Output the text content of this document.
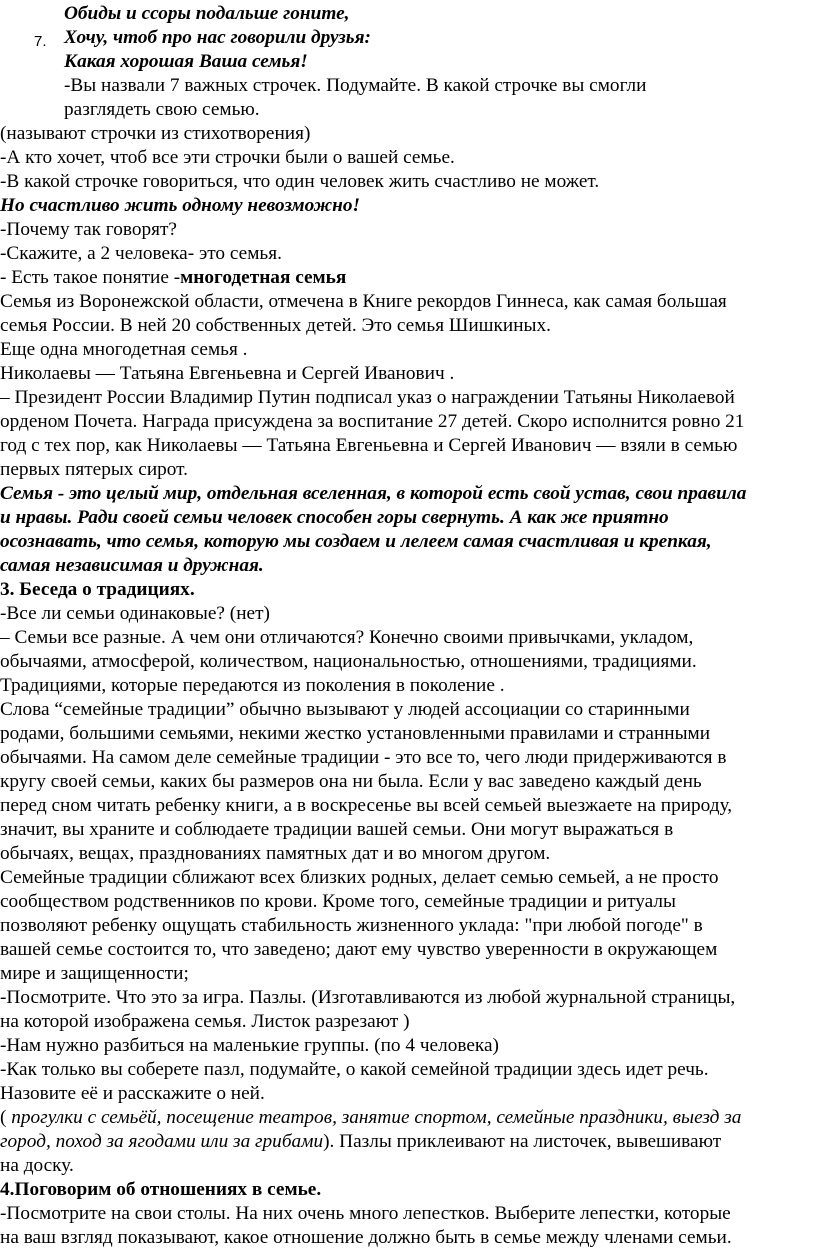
Обиды и ссоры подальше гоните,
7. Хочу, чтоб про нас говорили друзья:
Какая хорошая Ваша семья!
-Вы назвали 7 важных строчек. Подумайте. В какой строчке вы смогли
разглядеть свою семью.
(называют строчки из стихотворения)
-А кто хочет, чтоб все эти строчки были о вашей семье.
-В какой строчке говориться, что один человек жить счастливо не может.
Но счастливо жить одному невозможно!
-Почему так говорят?
-Скажите, а 2 человека- это семья.
- Есть такое понятие -многодетная семья
Семья из Воронежской области, отмечена в Книге рекордов Гиннеса, как самая большая
семья России. В ней 20 собственных детей. Это семья Шишкиных.
Еще одна многодетная семья .
Николаевы — Татьяна Евгеньевна и Сергей Иванович .
– Президент России Владимир Путин подписал указ о награждении Татьяны Николаевой
орденом Почета. Награда присуждена за воспитание 27 детей. Скоро исполнится ровно 21
год с тех пор, как Николаевы — Татьяна Евгеньевна и Сергей Иванович — взяли в семью
первых пятерых сирот.
Семья - это целый мир, отдельная вселенная, в которой есть свой устав, свои правила
и нравы. Ради своей семьи человек способен горы свернуть. А как же приятно
осознавать, что семья, которую мы создаем и лелеем самая счастливая и крепкая,
самая независимая и дружная.
3. Беседа о традициях.
-Все ли семьи одинаковые? (нет)
– Семьи все разные. А чем они отличаются? Конечно своими привычками, укладом,
обычаями, атмосферой, количеством, национальностью, отношениями, традициями.
Традициями, которые передаются из поколения в поколение .
Слова “семейные традиции” обычно вызывают у людей ассоциации со старинными
родами, большими семьями, некими жестко установленными правилами и странными
обычаями. На самом деле семейные традиции - это все то, чего люди придерживаются в
кругу своей семьи, каких бы размеров она ни была. Если у вас заведено каждый день
перед сном читать ребенку книги, а в воскресенье вы всей семьей выезжаете на природу,
значит, вы храните и соблюдаете традиции вашей семьи. Они могут выражаться в
обычаях, вещах, празднованиях памятных дат и во многом другом.
Семейные традиции сближают всех близких родных, делает семью семьей, а не просто
сообществом родственников по крови. Кроме того, семейные традиции и ритуалы
позволяют ребенку ощущать стабильность жизненного уклада: "при любой погоде" в
вашей семье состоится то, что заведено; дают ему чувство уверенности в окружающем
мире и защищенности;
-Посмотрите. Что это за игра. Пазлы. (Изготавливаются из любой журнальной страницы,
на которой изображена семья. Листок разрезают )
-Нам нужно разбиться на маленькие группы. (по 4 человека)
-Как только вы соберете пазл, подумайте, о какой семейной традиции здесь идет речь.
Назовите её и расскажите о ней.
( прогулки с семьёй, посещение театров, занятие спортом, семейные праздники, выезд за
город, поход за ягодами или за грибами). Пазлы приклеивают на листочек, вывешивают
на доску.
4.Поговорим об отношениях в семье.
-Посмотрите на свои столы. На них очень много лепестков. Выберите лепестки, которые
на ваш взгляд показывают, какое отношение должно быть в семье между членами семьи.
